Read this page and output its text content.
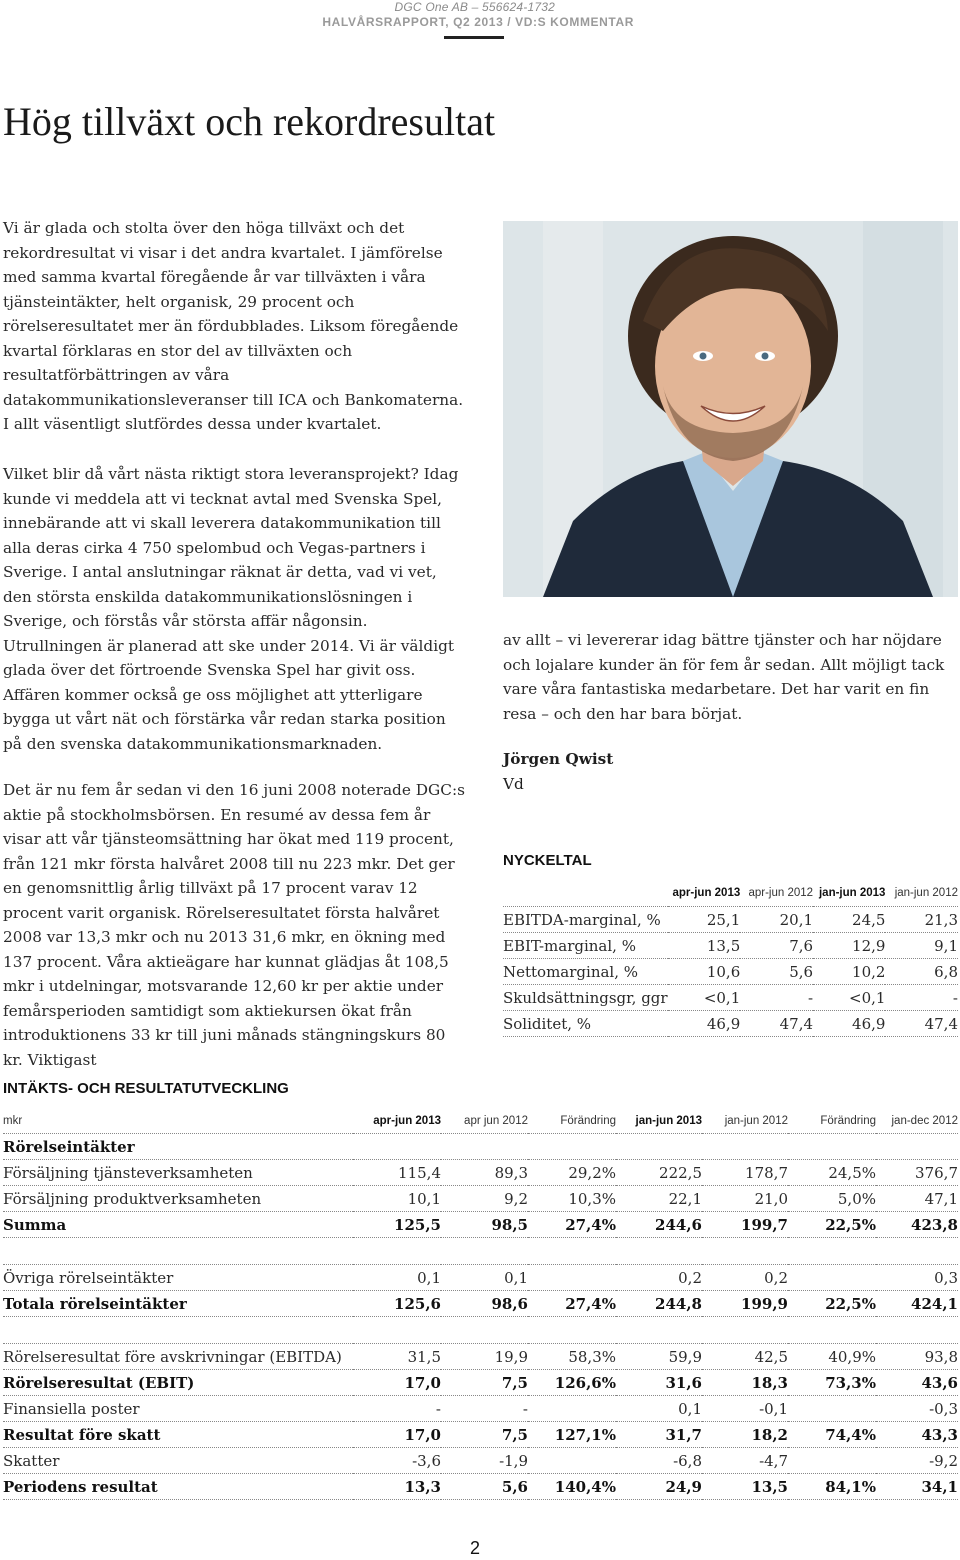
DGC One AB – 556624-1732
HALVÅRSRAPPORT, Q2 2013 / VD:S KOMMENTAR
Hög tillväxt och rekordresultat

Vi är glada och stolta över den höga tillväxt och det rekordresultat vi visar i det andra kvartalet. I jämförelse med samma kvartal föregående år var tillväxten i våra tjänsteintäkter, helt organisk, 29 procent och rörelseresultatet mer än fördubblades. Liksom föregående kvartal förklaras en stor del av tillväxten och resultatförbättringen av våra datakommunikationsleveranser till ICA och Bankomaterna. I allt väsentligt slutfördes dessa under kvartalet.

Vilket blir då vårt nästa riktigt stora leveransprojekt? Idag kunde vi meddela att vi tecknat avtal med Svenska Spel, innebärande att vi skall leverera datakommunikation till alla deras cirka 4 750 spelombud och Vegas-partners i Sverige. I antal anslutningar räknat är detta, vad vi vet, den största enskilda datakommunikationslösningen i Sverige, och förstås vår största affär någonsin. Utrullningen är planerad att ske under 2014. Vi är väldigt glada över det förtroende Svenska Spel har givit oss. Affären kommer också ge oss möjlighet att ytterligare bygga ut vårt nät och förstärka vår redan starka position på den svenska datakommunikationsmarknaden.

Det är nu fem år sedan vi den 16 juni 2008 noterade DGC:s aktie på stockholmsbörsen. En resumé av dessa fem år visar att vår tjänsteomsättning har ökat med 119 procent, från 121 mkr första halvåret 2008 till nu 223 mkr. Det ger en genomsnittlig årlig tillväxt på 17 procent varav 12 procent varit organisk. Rörelseresultatet första halvåret 2008 var 13,3 mkr och nu 2013 31,6 mkr, en ökning med 137 procent. Våra aktieägare har kunnat glädjas åt 108,5 mkr i utdelningar, motsvarande 12,60 kr per aktie under femårsperioden samtidigt som aktiekursen ökat från introduktionens 33 kr till juni månads stängningskurs 80 kr. Viktigast

av allt – vi levererar idag bättre tjänster och har nöjdare och lojalare kunder än för fem år sedan. Allt möjligt tack vare våra fantastiska medarbetare. Det har varit en fin resa – och den har bara börjat.

Jörgen Qwist
Vd
NYCKELTAL
	apr-jun 2013	apr-jun 2012	jan-jun 2013	jan-jun 2012
EBITDA-marginal, %	25,1	20,1	24,5	21,3
EBIT-marginal, %	13,5	7,6	12,9	9,1
Nettomarginal, %	10,6	5,6	10,2	6,8
Skuldsättningsgr, ggr	<0,1	-	<0,1	-
Soliditet, %	46,9	47,4	46,9	47,4
INTÄKTS- OCH RESULTATUTVECKLING
mkr	apr-jun 2013	apr jun 2012	Förändring	jan-jun 2013	jan-jun 2012	Förändring	jan-dec 2012
Rörelseintäkter							
Försäljning tjänsteverksamheten	115,4	89,3	29,2%	222,5	178,7	24,5%	376,7
Försäljning produktverksamheten	10,1	9,2	10,3%	22,1	21,0	5,0%	47,1
Summa	125,5	98,5	27,4%	244,6	199,7	22,5%	423,8

Övriga rörelseintäkter	0,1	0,1		0,2	0,2		0,3
Totala rörelseintäkter	125,6	98,6	27,4%	244,8	199,9	22,5%	424,1

Rörelseresultat före avskrivningar (EBITDA)	31,5	19,9	58,3%	59,9	42,5	40,9%	93,8
Rörelseresultat (EBIT)	17,0	7,5	126,6%	31,6	18,3	73,3%	43,6
Finansiella poster	-	-		0,1	-0,1		-0,3
Resultat före skatt	17,0	7,5	127,1%	31,7	18,2	74,4%	43,3
Skatter	-3,6	-1,9		-6,8	-4,7		-9,2
Periodens resultat	13,3	5,6	140,4%	24,9	13,5	84,1%	34,1
2
